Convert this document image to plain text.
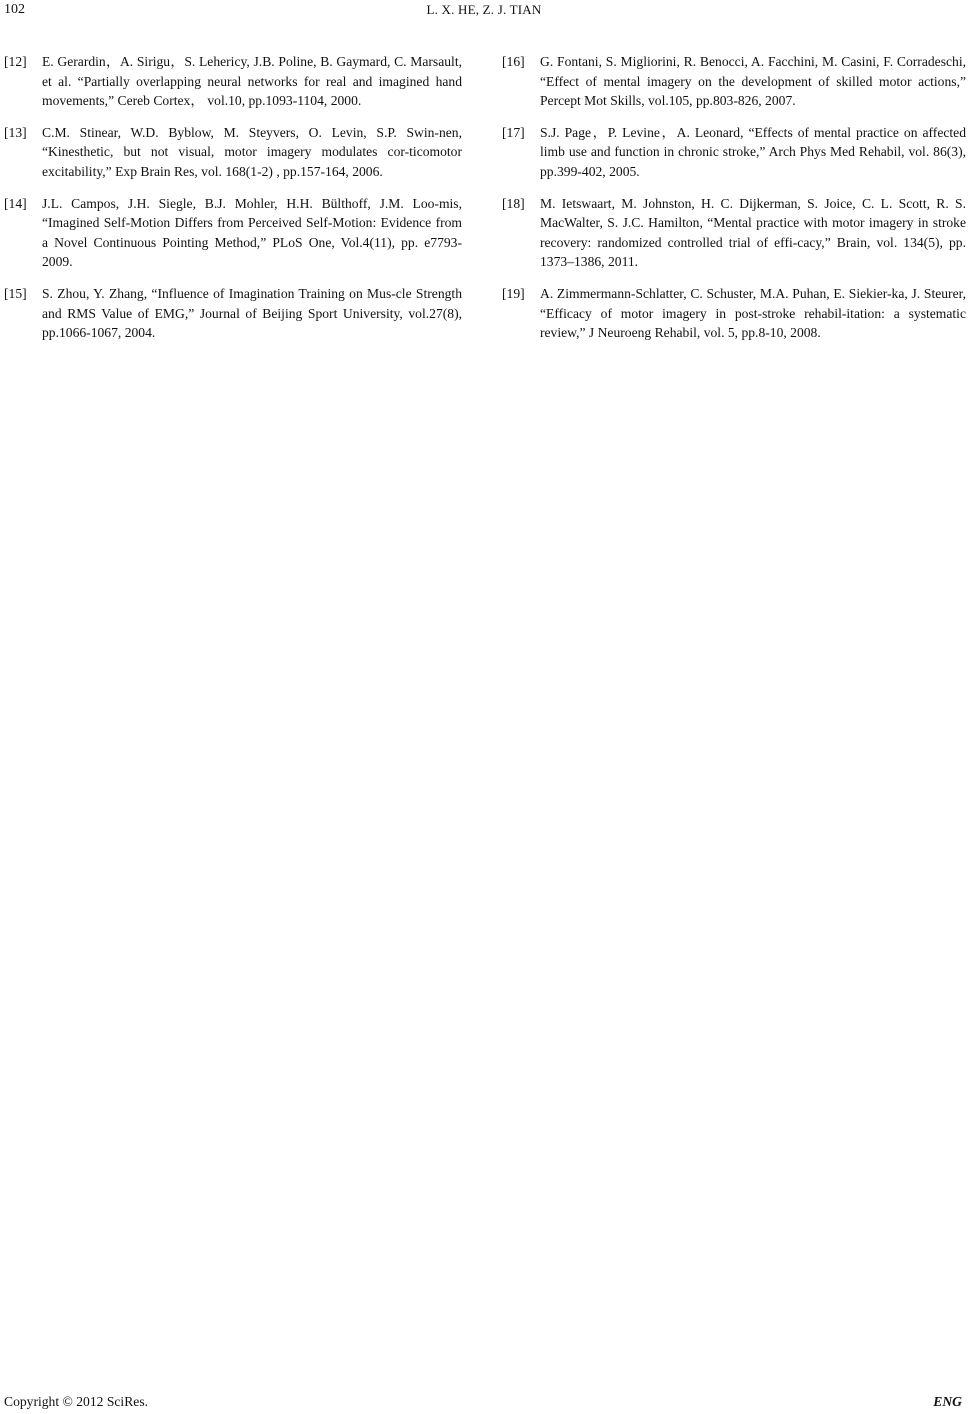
102	L. X. HE, Z. J. TIAN
[12]	E. Gerardin，A. Sirigu，S. Lehericy, J.B. Poline, B. Gaymard, C. Marsault, et al. “Partially overlapping neural networks for real and imagined hand movements,” Cereb Cortex， vol.10, pp.1093-1104, 2000.
[13]	C.M. Stinear, W.D. Byblow, M. Steyvers, O. Levin, S.P. Swin-nen, “Kinesthetic, but not visual, motor imagery modulates cor-ticomotor excitability,” Exp Brain Res, vol. 168(1-2) , pp.157-164, 2006.
[14]	J.L. Campos, J.H. Siegle, B.J. Mohler, H.H. Bülthoff, J.M. Loo-mis, “Imagined Self-Motion Differs from Perceived Self-Motion: Evidence from a Novel Continuous Pointing Method,” PLoS One, Vol.4(11), pp. e7793-2009.
[15]	S. Zhou, Y. Zhang, “Influence of Imagination Training on Mus-cle Strength and RMS Value of EMG,” Journal of Beijing Sport University, vol.27(8), pp.1066-1067, 2004.
[16]	G. Fontani, S. Migliorini, R. Benocci, A. Facchini, M. Casini, F. Corradeschi, “Effect of mental imagery on the development of skilled motor actions,” Percept Mot Skills, vol.105, pp.803-826, 2007.
[17]	S.J. Page，P. Levine，A. Leonard, “Effects of mental practice on affected limb use and function in chronic stroke,” Arch Phys Med Rehabil, vol. 86(3), pp.399-402, 2005.
[18]	M. Ietswaart, M. Johnston, H. C. Dijkerman, S. Joice, C. L. Scott, R. S. MacWalter, S. J.C. Hamilton, “Mental practice with motor imagery in stroke recovery: randomized controlled trial of effi-cacy,” Brain, vol. 134(5), pp. 1373–1386, 2011.
[19]	A. Zimmermann-Schlatter, C. Schuster, M.A. Puhan, E. Siekier-ka, J. Steurer, “Efficacy of motor imagery in post-stroke rehabil-itation: a systematic review,” J Neuroeng Rehabil, vol. 5, pp.8-10, 2008.
Copyright © 2012 SciRes.	ENG
